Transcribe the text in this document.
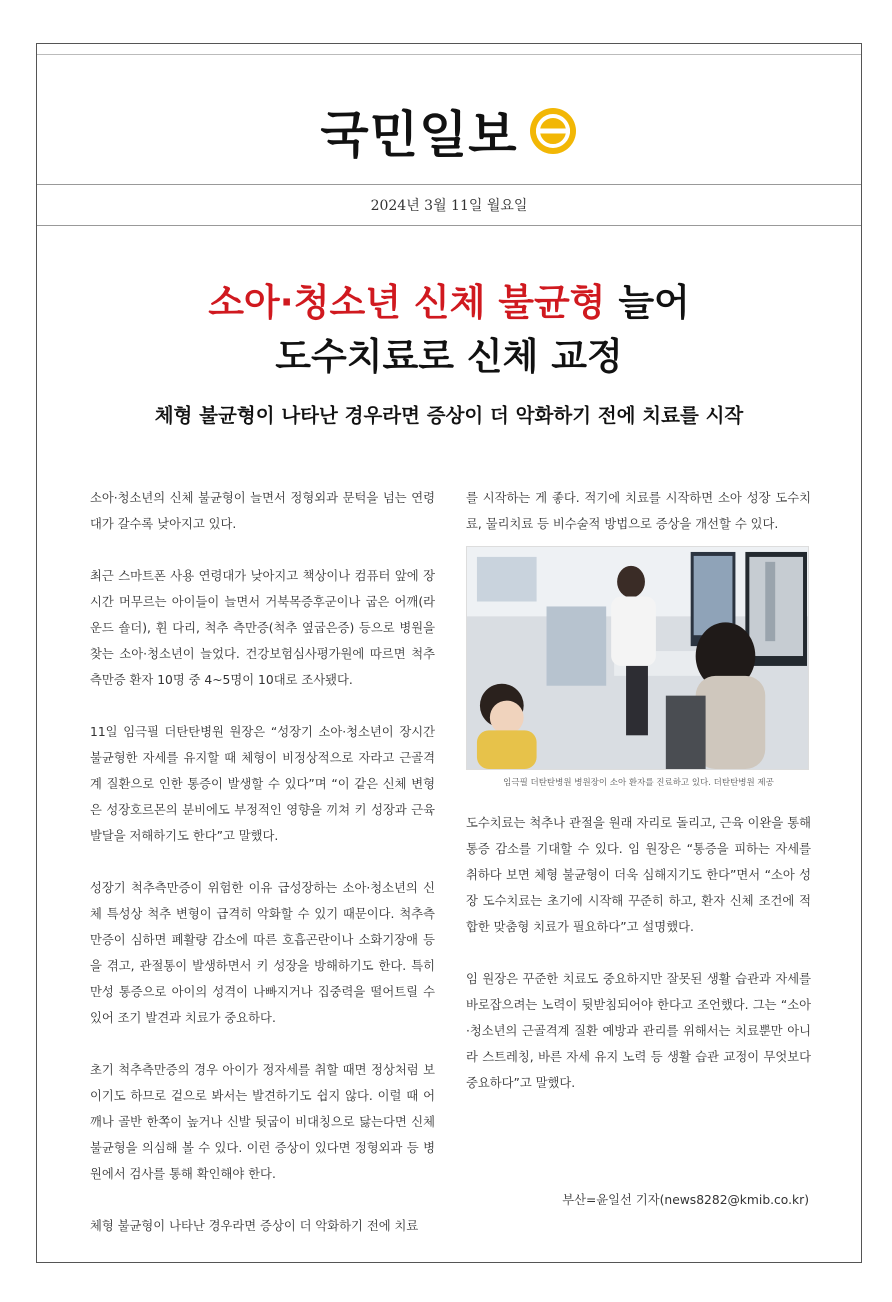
국민일보
2024년 3월 11일 월요일
소아·청소년 신체 불균형 늘어
도수치료로 신체 교정
체형 불균형이 나타난 경우라면 증상이 더 악화하기 전에 치료를 시작

소아·청소년의 신체 불균형이 늘면서 정형외과 문턱을 넘는 연령대가 갈수록 낮아지고 있다.

최근 스마트폰 사용 연령대가 낮아지고 책상이나 컴퓨터 앞에 장시간 머무르는 아이들이 늘면서 거북목증후군이나 굽은 어깨(라운드 숄더), 휜 다리, 척추 측만증(척추 옆굽은증) 등으로 병원을 찾는 소아·청소년이 늘었다. 건강보험심사평가원에 따르면 척추측만증 환자 10명 중 4~5명이 10대로 조사됐다.

11일 임극필 더탄탄병원 원장은 “성장기 소아·청소년이 장시간 불균형한 자세를 유지할 때 체형이 비정상적으로 자라고 근골격계 질환으로 인한 통증이 발생할 수 있다”며 “이 같은 신체 변형은 성장호르몬의 분비에도 부정적인 영향을 끼쳐 키 성장과 근육 발달을 저해하기도 한다”고 말했다.

성장기 척추측만증이 위험한 이유 급성장하는 소아·청소년의 신체 특성상 척추 변형이 급격히 악화할 수 있기 때문이다. 척추측만증이 심하면 폐활량 감소에 따른 호흡곤란이나 소화기장애 등을 겪고, 관절통이 발생하면서 키 성장을 방해하기도 한다. 특히 만성 통증으로 아이의 성격이 나빠지거나 집중력을 떨어트릴 수 있어 조기 발견과 치료가 중요하다.

초기 척추측만증의 경우 아이가 정자세를 취할 때면 정상처럼 보이기도 하므로 겉으로 봐서는 발견하기도 쉽지 않다. 이럴 때 어깨나 골반 한쪽이 높거나 신발 뒷굽이 비대칭으로 닳는다면 신체 불균형을 의심해 볼 수 있다. 이런 증상이 있다면 정형외과 등 병원에서 검사를 통해 확인해야 한다.

체형 불균형이 나타난 경우라면 증상이 더 악화하기 전에 치료

를 시작하는 게 좋다. 적기에 치료를 시작하면 소아 성장 도수치료, 물리치료 등 비수술적 방법으로 증상을 개선할 수 있다.

임극필 더탄탄병원 병원장이 소아 환자를 진료하고 있다. 더탄탄병원 제공

도수치료는 척추나 관절을 원래 자리로 돌리고, 근육 이완을 통해 통증 감소를 기대할 수 있다. 임 원장은 “통증을 피하는 자세를 취하다 보면 체형 불균형이 더욱 심해지기도 한다”면서 “소아 성장 도수치료는 초기에 시작해 꾸준히 하고, 환자 신체 조건에 적합한 맞춤형 치료가 필요하다”고 설명했다.

임 원장은 꾸준한 치료도 중요하지만 잘못된 생활 습관과 자세를 바로잡으려는 노력이 뒷받침되어야 한다고 조언했다. 그는 “소아·청소년의 근골격계 질환 예방과 관리를 위해서는 치료뿐만 아니라 스트레칭, 바른 자세 유지 노력 등 생활 습관 교정이 무엇보다 중요하다”고 말했다.

부산=윤일선 기자(news8282@kmib.co.kr)
